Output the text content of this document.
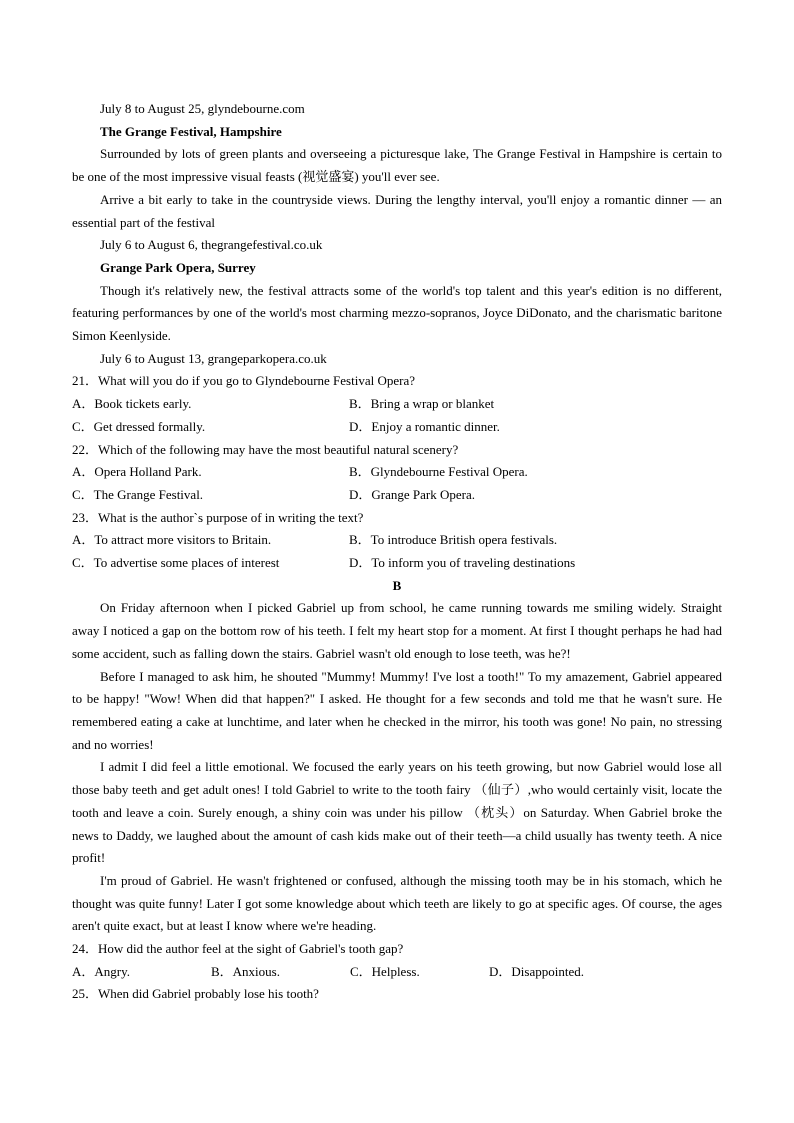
July 8 to August 25, glyndebourne.com
The Grange Festival, Hampshire
Surrounded by lots of green plants and overseeing a picturesque lake, The Grange Festival in Hampshire is certain to be one of the most impressive visual feasts (视觉盛宴) you'll ever see.
Arrive a bit early to take in the countryside views. During the lengthy interval, you'll enjoy a romantic dinner — an essential part of the festival
July 6 to August 6, thegrangefestival.co.uk
Grange Park Opera, Surrey
Though it's relatively new, the festival attracts some of the world's top talent and this year's edition is no different, featuring performances by one of the world's most charming mezzo-sopranos, Joyce DiDonato, and the charismatic baritone Simon Keenlyside.
July 6 to August 13, grangeparkopera.co.uk
21．What will you do if you go to Glyndebourne Festival Opera?
A．Book tickets early.	B．Bring a wrap or blanket
C．Get dressed formally.	D．Enjoy a romantic dinner.
22．Which of the following may have the most beautiful natural scenery?
A．Opera Holland Park.	B．Glyndebourne Festival Opera.
C．The Grange Festival.	D．Grange Park Opera.
23．What is the author`s purpose of in writing the text?
A．To attract more visitors to Britain.	B．To introduce British opera festivals.
C．To advertise some places of interest	D．To inform you of traveling destinations
B
On Friday afternoon when I picked Gabriel up from school, he came running towards me smiling widely. Straight away I noticed a gap on the bottom row of his teeth. I felt my heart stop for a moment. At first I thought perhaps he had had some accident, such as falling down the stairs. Gabriel wasn't old enough to lose teeth, was he?!
Before I managed to ask him, he shouted "Mummy! Mummy! I've lost a tooth!" To my amazement, Gabriel appeared to be happy! "Wow! When did that happen?" I asked. He thought for a few seconds and told me that he wasn't sure. He remembered eating a cake at lunchtime, and later when he checked in the mirror, his tooth was gone! No pain, no stressing and no worries!
I admit I did feel a little emotional. We focused the early years on his teeth growing, but now Gabriel would lose all those baby teeth and get adult ones! I told Gabriel to write to the tooth fairy （仙子）,who would certainly visit, locate the tooth and leave a coin. Surely enough, a shiny coin was under his pillow （枕头）on Saturday. When Gabriel broke the news to Daddy, we laughed about the amount of cash kids make out of their teeth—a child usually has twenty teeth. A nice profit!
I'm proud of Gabriel. He wasn't frightened or confused, although the missing tooth may be in his stomach, which he thought was quite funny! Later I got some knowledge about which teeth are likely to go at specific ages. Of course, the ages aren't quite exact, but at least I know where we're heading.
24．How did the author feel at the sight of Gabriel's tooth gap?
A．Angry.	B．Anxious.	C．Helpless.	D．Disappointed.
25．When did Gabriel probably lose his tooth?
